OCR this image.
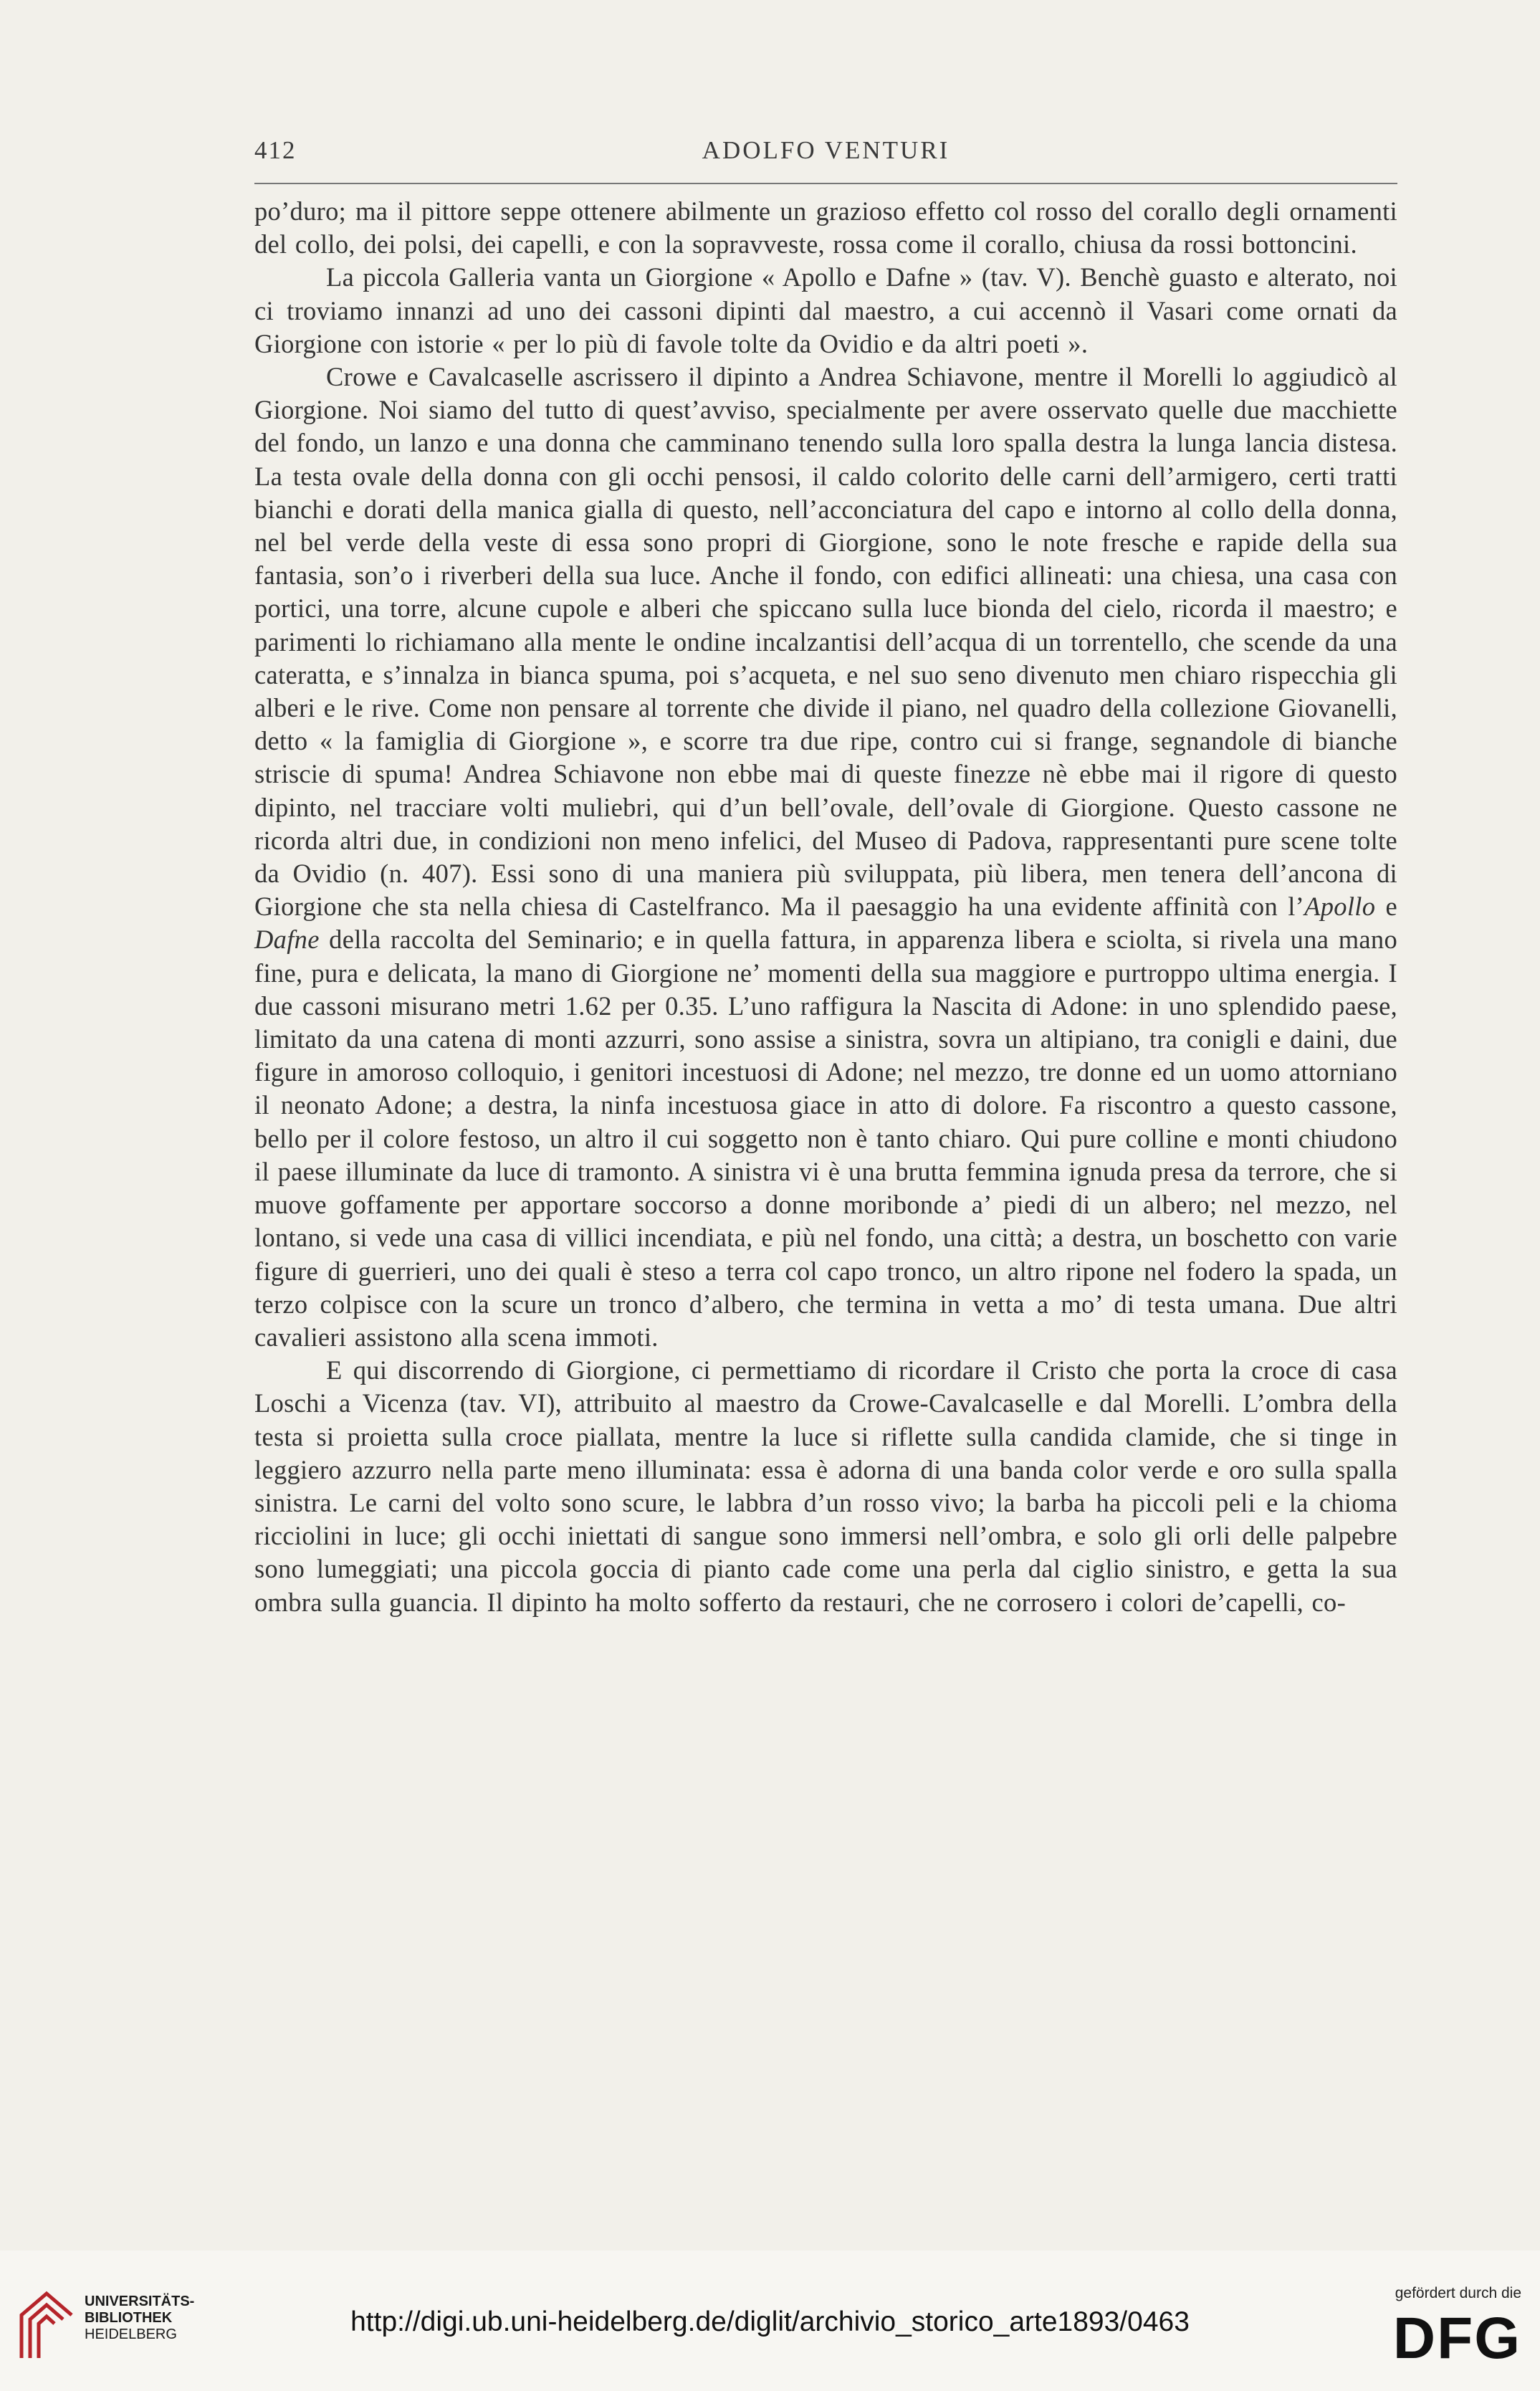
412	ADOLFO VENTURI

po’duro; ma il pittore seppe ottenere abilmente un grazioso effetto col rosso del corallo degli ornamenti del collo, dei polsi, dei capelli, e con la sopravveste, rossa come il corallo, chiusa da rossi bottoncini.

La piccola Galleria vanta un Giorgione « Apollo e Dafne » (tav. V). Benchè guasto e alterato, noi ci troviamo innanzi ad uno dei cassoni dipinti dal maestro, a cui accennò il Vasari come ornati da Giorgione con istorie « per lo più di favole tolte da Ovidio e da altri poeti ».

Crowe e Cavalcaselle ascrissero il dipinto a Andrea Schiavone, mentre il Morelli lo aggiudicò al Giorgione. Noi siamo del tutto di quest’avviso, specialmente per avere osservato quelle due macchiette del fondo, un lanzo e una donna che camminano tenendo sulla loro spalla destra la lunga lancia distesa. La testa ovale della donna con gli occhi pensosi, il caldo colorito delle carni dell’armigero, certi tratti bianchi e dorati della manica gialla di questo, nell’acconciatura del capo e intorno al collo della donna, nel bel verde della veste di essa sono propri di Giorgione, sono le note fresche e rapide della sua fantasia, son’o i riverberi della sua luce. Anche il fondo, con edifici allineati: una chiesa, una casa con portici, una torre, alcune cupole e alberi che spiccano sulla luce bionda del cielo, ricorda il maestro; e parimenti lo richiamano alla mente le ondine incalzantisi dell’acqua di un torrentello, che scende da una cateratta, e s’innalza in bianca spuma, poi s’acqueta, e nel suo seno divenuto men chiaro rispecchia gli alberi e le rive. Come non pensare al torrente che divide il piano, nel quadro della collezione Giovanelli, detto « la famiglia di Giorgione », e scorre tra due ripe, contro cui si frange, segnandole di bianche striscie di spuma! Andrea Schiavone non ebbe mai di queste finezze nè ebbe mai il rigore di questo dipinto, nel tracciare volti muliebri, qui d’un bell’ovale, dell’ovale di Giorgione. Questo cassone ne ricorda altri due, in condizioni non meno infelici, del Museo di Padova, rappresentanti pure scene tolte da Ovidio (n. 407). Essi sono di una maniera più sviluppata, più libera, men tenera dell’ancona di Giorgione che sta nella chiesa di Castelfranco. Ma il paesaggio ha una evidente affinità con l’Apollo e Dafne della raccolta del Seminario; e in quella fattura, in apparenza libera e sciolta, si rivela una mano fine, pura e delicata, la mano di Giorgione ne’ momenti della sua maggiore e purtroppo ultima energia. I due cassoni misurano metri 1.62 per 0.35. L’uno raffigura la Nascita di Adone: in uno splendido paese, limitato da una catena di monti azzurri, sono assise a sinistra, sovra un altipiano, tra conigli e daini, due figure in amoroso colloquio, i genitori incestuosi di Adone; nel mezzo, tre donne ed un uomo attorniano il neonato Adone; a destra, la ninfa incestuosa giace in atto di dolore. Fa riscontro a questo cassone, bello per il colore festoso, un altro il cui soggetto non è tanto chiaro. Qui pure colline e monti chiudono il paese illuminate da luce di tramonto. A sinistra vi è una brutta femmina ignuda presa da terrore, che si muove goffamente per apportare soccorso a donne moribonde a’ piedi di un albero; nel mezzo, nel lontano, si vede una casa di villici incendiata, e più nel fondo, una città; a destra, un boschetto con varie figure di guerrieri, uno dei quali è steso a terra col capo tronco, un altro ripone nel fodero la spada, un terzo colpisce con la scure un tronco d’albero, che termina in vetta a mo’ di testa umana. Due altri cavalieri assistono alla scena immoti.

E qui discorrendo di Giorgione, ci permettiamo di ricordare il Cristo che porta la croce di casa Loschi a Vicenza (tav. VI), attribuito al maestro da Crowe-Cavalcaselle e dal Morelli. L’ombra della testa si proietta sulla croce piallata, mentre la luce si riflette sulla candida clamide, che si tinge in leggiero azzurro nella parte meno illuminata: essa è adorna di una banda color verde e oro sulla spalla sinistra. Le carni del volto sono scure, le labbra d’un rosso vivo; la barba ha piccoli peli e la chioma ricciolini in luce; gli occhi iniettati di sangue sono immersi nell’ombra, e solo gli orli delle palpebre sono lumeggiati; una piccola goccia di pianto cade come una perla dal ciglio sinistro, e getta la sua ombra sulla guancia. Il dipinto ha molto sofferto da restauri, che ne corrosero i colori de’capelli, co-

UNIVERSITÄTS-
BIBLIOTHEK
HEIDELBERG	http://digi.ub.uni-heidelberg.de/diglit/archivio_storico_arte1893/0463
gefördert durch die
DFG
